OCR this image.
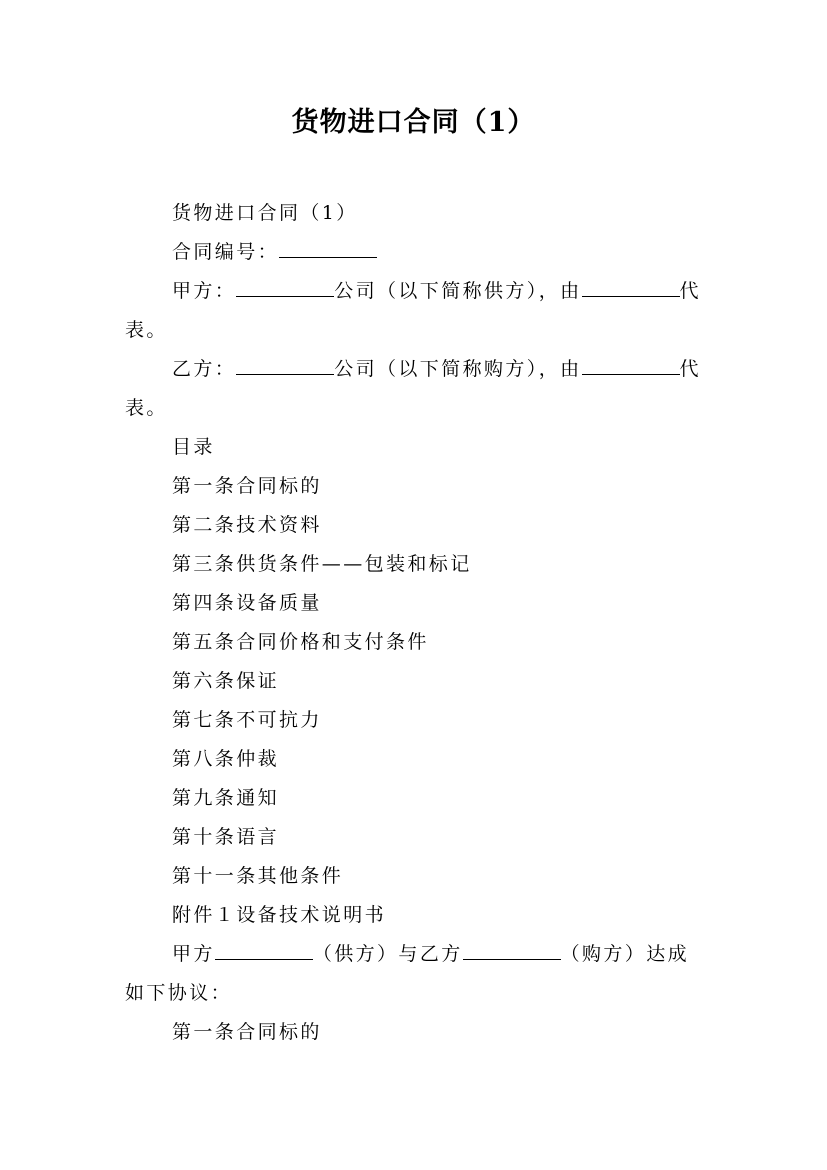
货物进口合同（1）

货物进口合同（1）

合同编号：

甲方：	公司（以下简称供方），由	代表。

乙方：	公司（以下简称购方），由	代表。

目录

第一条合同标的

第二条技术资料

第三条供货条件——包装和标记

第四条设备质量

第五条合同价格和支付条件

第六条保证

第七条不可抗力

第八条仲裁

第九条通知

第十条语言

第十一条其他条件

附件１设备技术说明书

甲方	（供方）与乙方	（购方）达成如下协议：

第一条合同标的
